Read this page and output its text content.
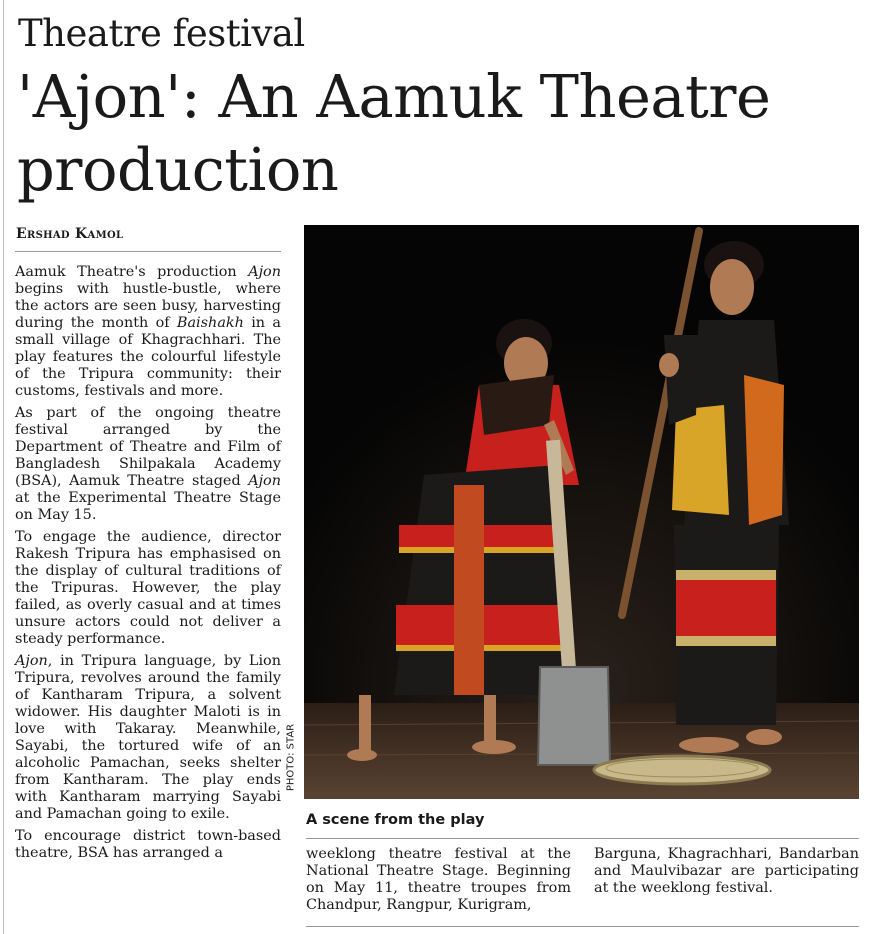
Theatre festival
'Ajon': An Aamuk Theatre production
Ershad Kamol

Aamuk Theatre's production Ajon begins with hustle-bustle, where the actors are seen busy, harvesting during the month of Baishakh in a small village of Khagrachhari. The play features the colourful lifestyle of the Tripura community: their customs, festivals and more.

As part of the ongoing theatre festival arranged by the Department of Theatre and Film of Bangladesh Shilpakala Academy (BSA), Aamuk Theatre staged Ajon at the Experimental Theatre Stage on May 15.

To engage the audience, director Rakesh Tripura has emphasised on the display of cultural traditions of the Tripuras. However, the play failed, as overly casual and at times unsure actors could not deliver a steady performance.

Ajon, in Tripura language, by Lion Tripura, revolves around the family of Kantharam Tripura, a solvent widower. His daughter Maloti is in love with Takaray. Meanwhile, Sayabi, the tortured wife of an alcoholic Pamachan, seeks shelter from Kantharam. The play ends with Kantharam marrying Sayabi and Pamachan going to exile.

To encourage district town-based theatre, BSA has arranged a

PHOTO: STAR
A scene from the play

weeklong theatre festival at the National Theatre Stage. Beginning on May 11, theatre troupes from Chandpur, Rangpur, Kurigram,

Barguna, Khagrachhari, Bandarban and Maulvibazar are participating at the weeklong festival.
